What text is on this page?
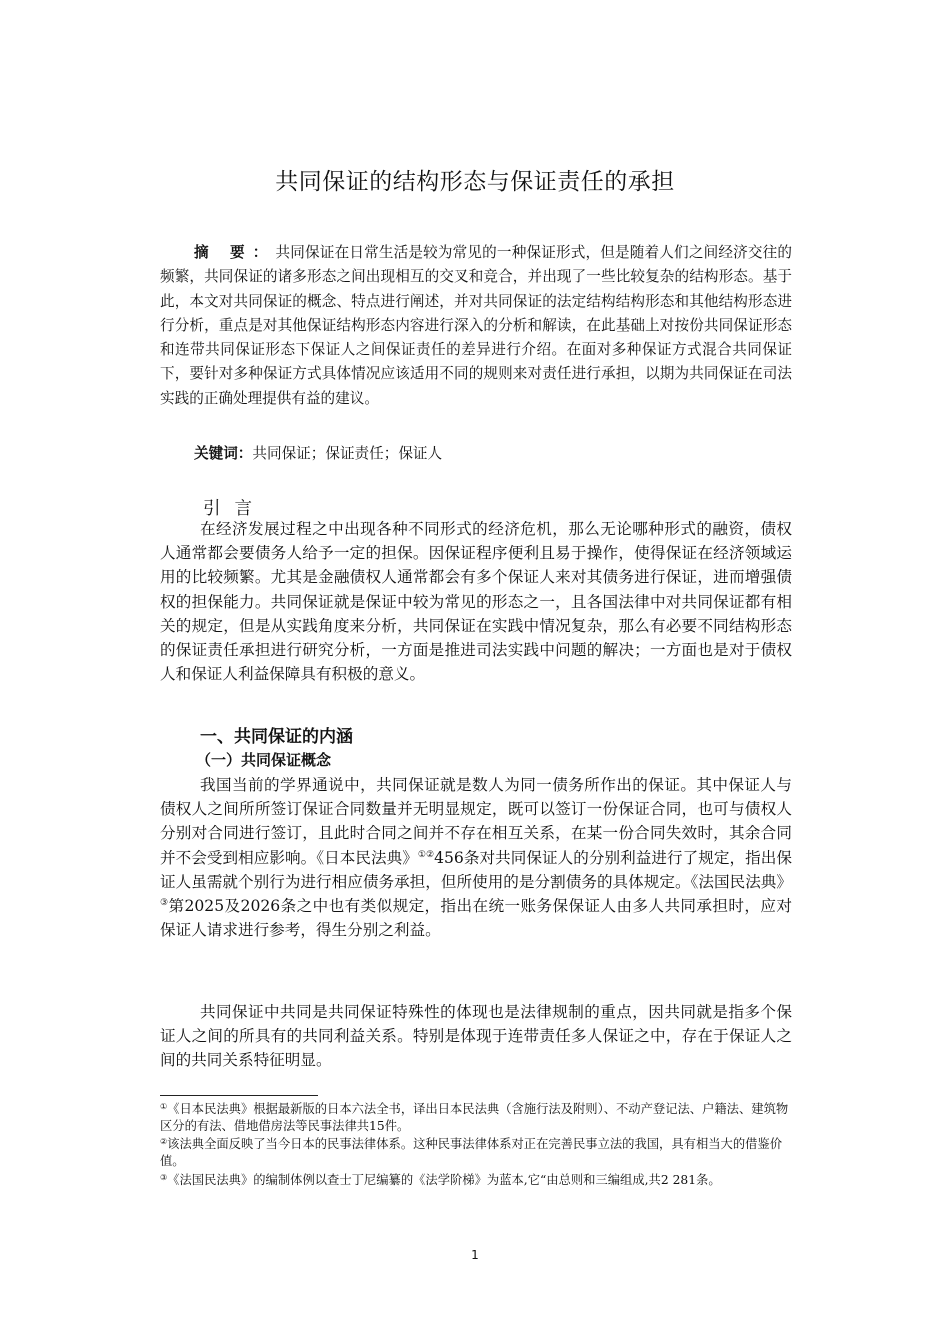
共同保证的结构形态与保证责任的承担

摘 要：共同保证在日常生活是较为常见的一种保证形式，但是随着人们之间经济交往的频繁，共同保证的诸多形态之间出现相互的交叉和竞合，并出现了一些比较复杂的结构形态。基于此，本文对共同保证的概念、特点进行阐述，并对共同保证的法定结构结构形态和其他结构形态进行分析，重点是对其他保证结构形态内容进行深入的分析和解读，在此基础上对按份共同保证形态和连带共同保证形态下保证人之间保证责任的差异进行介绍。在面对多种保证方式混合共同保证下，要针对多种保证方式具体情况应该适用不同的规则来对责任进行承担，以期为共同保证在司法实践的正确处理提供有益的建议。

关键词：共同保证；保证责任；保证人

引言

在经济发展过程之中出现各种不同形式的经济危机，那么无论哪种形式的融资，债权人通常都会要债务人给予一定的担保。因保证程序便利且易于操作，使得保证在经济领域运用的比较频繁。尤其是金融债权人通常都会有多个保证人来对其债务进行保证，进而增强债权的担保能力。共同保证就是保证中较为常见的形态之一，且各国法律中对共同保证都有相关的规定，但是从实践角度来分析，共同保证在实践中情况复杂，那么有必要不同结构形态的保证责任承担进行研究分析，一方面是推进司法实践中问题的解决；一方面也是对于债权人和保证人利益保障具有积极的意义。

一、共同保证的内涵
（一）共同保证概念

我国当前的学界通说中，共同保证就是数人为同一债务所作出的保证。其中保证人与债权人之间所所签订保证合同数量并无明显规定，既可以签订一份保证合同，也可与债权人分别对合同进行签订，且此时合同之间并不存在相互关系，在某一份合同失效时，其余合同并不会受到相应影响。《日本民法典》①②456条对共同保证人的分别利益进行了规定，指出保证人虽需就个别行为进行相应债务承担，但所使用的是分割债务的具体规定。《法国民法典》③第2025及2026条之中也有类似规定，指出在统一账务保保证人由多人共同承担时，应对保证人请求进行参考，得生分别之利益。

共同保证中共同是共同保证特殊性的体现也是法律规制的重点，因共同就是指多个保证人之间的所具有的共同利益关系。特别是体现于连带责任多人保证之中，存在于保证人之间的共同关系特征明显。

①《日本民法典》根据最新版的日本六法全书，译出日本民法典（含施行法及附则）、不动产登记法、户籍法、建筑物区分的有法、借地借房法等民事法律共15件。

②该法典全面反映了当今日本的民事法律体系。这种民事法律体系对正在完善民事立法的我国，具有相当大的借鉴价值。

③《法国民法典》的编制体例以查士丁尼编纂的《法学阶梯》为蓝本,它“由总则和三编组成,共2 281条。

1
